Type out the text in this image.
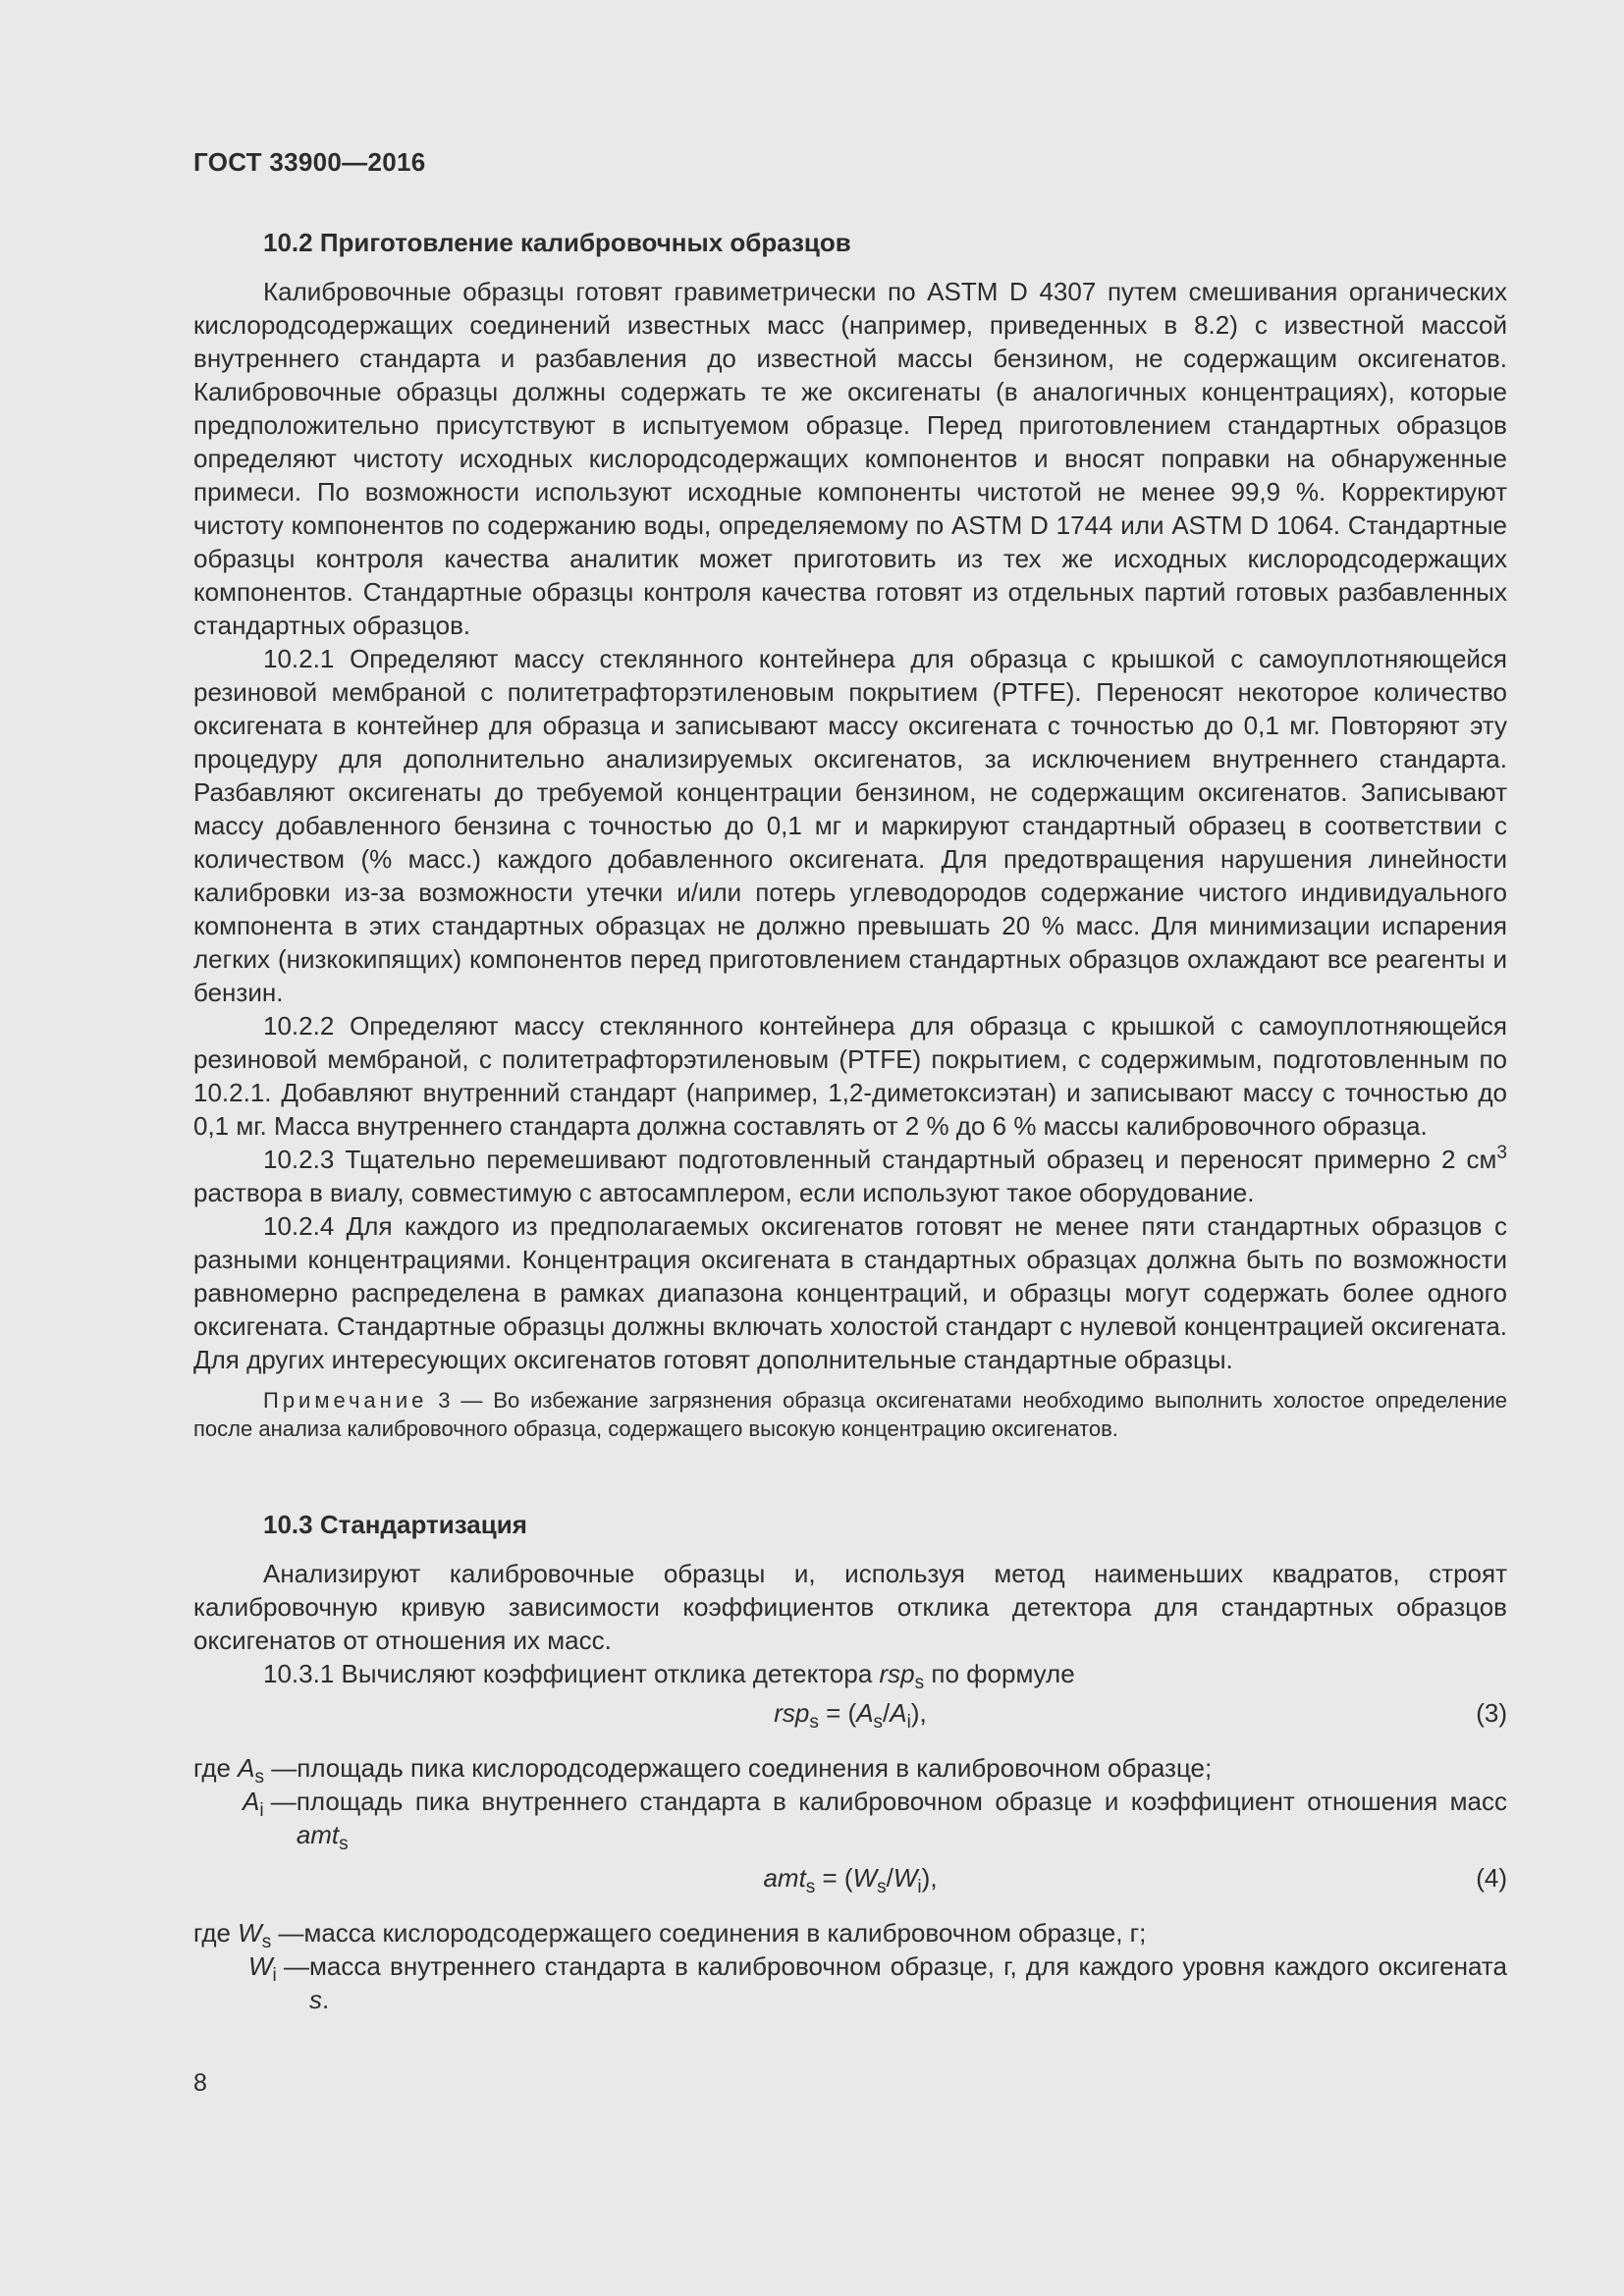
ГОСТ 33900—2016
10.2 Приготовление калибровочных образцов

Калибровочные образцы готовят гравиметрически по ASTM D 4307 путем смешивания органических кислородсодержащих соединений известных масс (например, приведенных в 8.2) с известной массой внутреннего стандарта и разбавления до известной массы бензином, не содержащим оксигенатов. Калибровочные образцы должны содержать те же оксигенаты (в аналогичных концентрациях), которые предположительно присутствуют в испытуемом образце. Перед приготовлением стандартных образцов определяют чистоту исходных кислородсодержащих компонентов и вносят поправки на обнаруженные примеси. По возможности используют исходные компоненты чистотой не менее 99,9 %. Корректируют чистоту компонентов по содержанию воды, определяемому по ASTM D 1744 или ASTM D 1064. Стандартные образцы контроля качества аналитик может приготовить из тех же исходных кислородсодержащих компонентов. Стандартные образцы контроля качества готовят из отдельных партий готовых разбавленных стандартных образцов.

10.2.1 Определяют массу стеклянного контейнера для образца с крышкой с самоуплотняющейся резиновой мембраной с политетрафторэтиленовым покрытием (PTFE). Переносят некоторое количество оксигената в контейнер для образца и записывают массу оксигената с точностью до 0,1 мг. Повторяют эту процедуру для дополнительно анализируемых оксигенатов, за исключением внутреннего стандарта. Разбавляют оксигенаты до требуемой концентрации бензином, не содержащим оксигенатов. Записывают массу добавленного бензина с точностью до 0,1 мг и маркируют стандартный образец в соответствии с количеством (% масс.) каждого добавленного оксигената. Для предотвращения нарушения линейности калибровки из-за возможности утечки и/или потерь углеводородов содержание чистого индивидуального компонента в этих стандартных образцах не должно превышать 20 % масс. Для минимизации испарения легких (низкокипящих) компонентов перед приготовлением стандартных образцов охлаждают все реагенты и бензин.

10.2.2 Определяют массу стеклянного контейнера для образца с крышкой с самоуплотняющейся резиновой мембраной, с политетрафторэтиленовым (PTFE) покрытием, с содержимым, подготовленным по 10.2.1. Добавляют внутренний стандарт (например, 1,2-диметоксиэтан) и записывают массу с точностью до 0,1 мг. Масса внутреннего стандарта должна составлять от 2 % до 6 % массы калибровочного образца.

10.2.3 Тщательно перемешивают подготовленный стандартный образец и переносят примерно 2 $см^3$ раствора в виалу, совместимую с автосамплером, если используют такое оборудование.

10.2.4 Для каждого из предполагаемых оксигенатов готовят не менее пяти стандартных образцов с разными концентрациями. Концентрация оксигената в стандартных образцах должна быть по возможности равномерно распределена в рамках диапазона концентраций, и образцы могут содержать более одного оксигената. Стандартные образцы должны включать холостой стандарт с нулевой концентрацией оксигената. Для других интересующих оксигенатов готовят дополнительные стандартные образцы.

Примечание 3 — Во избежание загрязнения образца оксигенатами необходимо выполнить холостое определение после анализа калибровочного образца, содержащего высокую концентрацию оксигенатов.
10.3 Стандартизация

Анализируют калибровочные образцы и, используя метод наименьших квадратов, строят калибровочную кривую зависимости коэффициентов отклика детектора для стандартных образцов оксигенатов от отношения их масс.

10.3.1 Вычисляют коэффициент отклика детектора rsp$_s$ по формуле

$rsp_s = (A_s/A_i)$,	(3)
где $A_s$ — площадь пика кислородсодержащего соединения в калибровочном образце;
$A_i$ — площадь пика внутреннего стандарта в калибровочном образце и коэффициент отношения масс amt$_s$
$amt_s = (W_s/W_i)$,	(4)
где $W_s$ — масса кислородсодержащего соединения в калибровочном образце, г;
$W_i$ — масса внутреннего стандарта в калибровочном образце, г, для каждого уровня каждого оксигената s.
8
